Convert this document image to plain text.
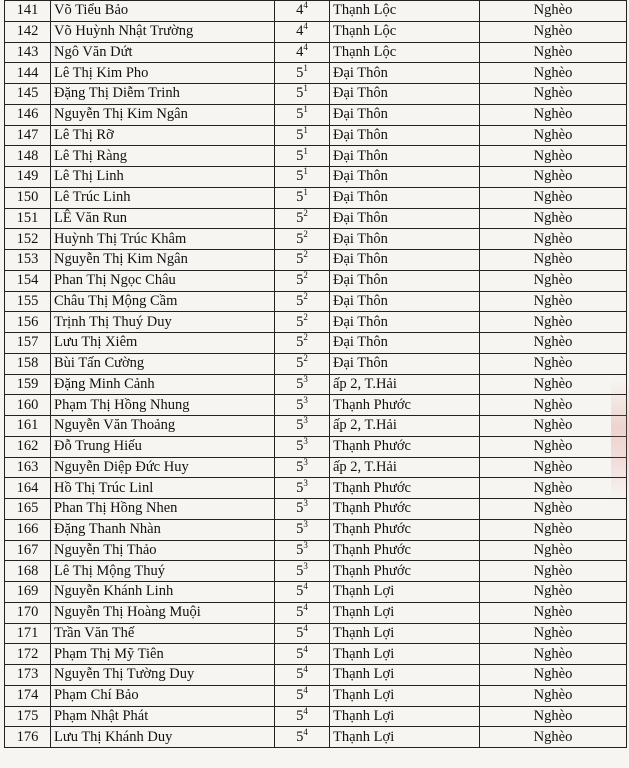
141	Võ Tiểu Bảo	$4^4$	Thạnh Lộc	Nghèo
142	Võ Huỳnh Nhật Trường	$4^4$	Thạnh Lộc	Nghèo
143	Ngô Văn Dứt	$4^4$	Thạnh Lộc	Nghèo
144	Lê Thị Kim Pho	$5^1$	Đại Thôn	Nghèo
145	Đặng Thị Diễm Trinh	$5^1$	Đại Thôn	Nghèo
146	Nguyễn Thị Kim Ngân	$5^1$	Đại Thôn	Nghèo
147	Lê Thị Rỡ	$5^1$	Đại Thôn	Nghèo
148	Lê Thị Ràng	$5^1$	Đại Thôn	Nghèo
149	Lê Thị Linh	$5^1$	Đại Thôn	Nghèo
150	Lê Trúc Linh	$5^1$	Đại Thôn	Nghèo
151	LÊ Văn Run	$5^2$	Đại Thôn	Nghèo
152	Huỳnh Thị Trúc Khâm	$5^2$	Đại Thôn	Nghèo
153	Nguyễn Thị Kim Ngân	$5^2$	Đại Thôn	Nghèo
154	Phan Thị Ngọc Châu	$5^2$	Đại Thôn	Nghèo
155	Châu Thị Mộng Cầm	$5^2$	Đại Thôn	Nghèo
156	Trịnh Thị Thuý Duy	$5^2$	Đại Thôn	Nghèo
157	Lưu Thị Xiêm	$5^2$	Đại Thôn	Nghèo
158	Bùi Tấn Cường	$5^2$	Đại Thôn	Nghèo
159	Đặng Minh Cảnh	$5^3$	ấp 2, T.Hải	Nghèo
160	Phạm Thị Hồng Nhung	$5^3$	Thạnh Phước	Nghèo
161	Nguyễn Văn Thoảng	$5^3$	ấp 2, T.Hải	Nghèo
162	Đỗ Trung Hiếu	$5^3$	Thạnh Phước	Nghèo
163	Nguyễn Diệp Đức Huy	$5^3$	ấp 2, T.Hải	Nghèo
164	Hồ Thị Trúc Linl	$5^3$	Thạnh Phước	Nghèo
165	Phan Thị Hồng Nhen	$5^3$	Thạnh Phước	Nghèo
166	Đặng Thanh Nhàn	$5^3$	Thạnh Phước	Nghèo
167	Nguyễn Thị Thảo	$5^3$	Thạnh Phước	Nghèo
168	Lê Thị Mộng Thuý	$5^3$	Thạnh Phước	Nghèo
169	Nguyễn Khánh Linh	$5^4$	Thạnh Lợi	Nghèo
170	Nguyễn Thị Hoàng Muội	$5^4$	Thạnh Lợi	Nghèo
171	Trần Văn Thế	$5^4$	Thạnh Lợi	Nghèo
172	Phạm Thị Mỹ Tiên	$5^4$	Thạnh Lợi	Nghèo
173	Nguyễn Thị Tường Duy	$5^4$	Thạnh Lợi	Nghèo
174	Phạm Chí Bảo	$5^4$	Thạnh Lợi	Nghèo
175	Phạm Nhật Phát	$5^4$	Thạnh Lợi	Nghèo
176	Lưu Thị Khánh Duy	$5^4$	Thạnh Lợi	Nghèo
